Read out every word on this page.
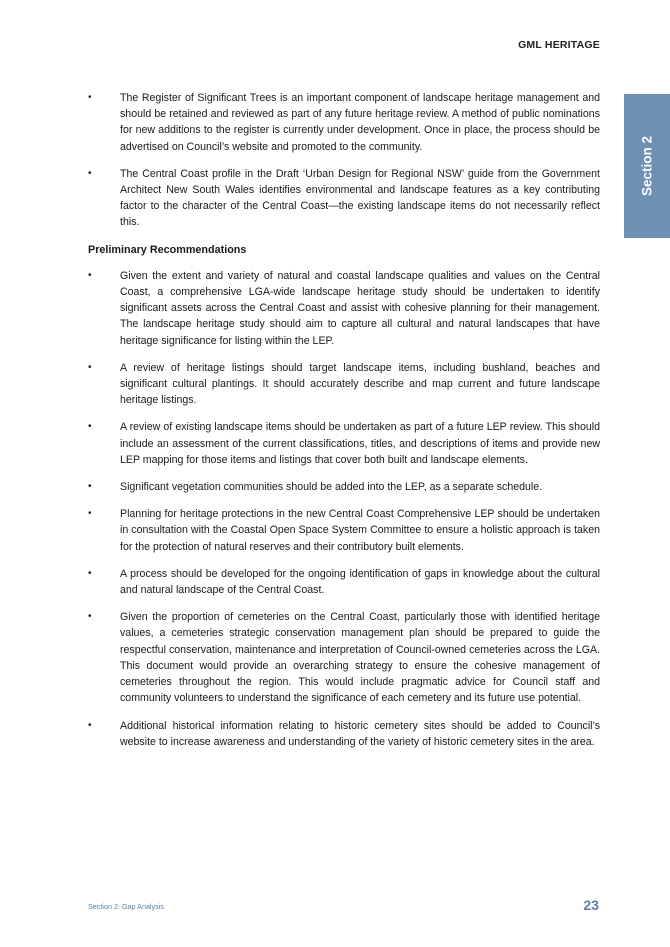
GML HERITAGE
Section 2
•	The Register of Significant Trees is an important component of landscape heritage management and should be retained and reviewed as part of any future heritage review. A method of public nominations for new additions to the register is currently under development. Once in place, the process should be advertised on Council’s website and promoted to the community.
•	The Central Coast profile in the Draft ‘Urban Design for Regional NSW’ guide from the Government Architect New South Wales identifies environmental and landscape features as a key contributing factor to the character of the Central Coast—the existing landscape items do not necessarily reflect this.
Preliminary Recommendations
•	Given the extent and variety of natural and coastal landscape qualities and values on the Central Coast, a comprehensive LGA-wide landscape heritage study should be undertaken to identify significant assets across the Central Coast and assist with cohesive planning for their management. The landscape heritage study should aim to capture all cultural and natural landscapes that have heritage significance for listing within the LEP.
•	A review of heritage listings should target landscape items, including bushland, beaches and significant cultural plantings. It should accurately describe and map current and future landscape heritage listings.
•	A review of existing landscape items should be undertaken as part of a future LEP review. This should include an assessment of the current classifications, titles, and descriptions of items and provide new LEP mapping for those items and listings that cover both built and landscape elements.
•	Significant vegetation communities should be added into the LEP, as a separate schedule.
•	Planning for heritage protections in the new Central Coast Comprehensive LEP should be undertaken in consultation with the Coastal Open Space System Committee to ensure a holistic approach is taken for the protection of natural reserves and their contributory built elements.
•	A process should be developed for the ongoing identification of gaps in knowledge about the cultural and natural landscape of the Central Coast.
•	Given the proportion of cemeteries on the Central Coast, particularly those with identified heritage values, a cemeteries strategic conservation management plan should be prepared to guide the respectful conservation, maintenance and interpretation of Council-owned cemeteries across the LGA. This document would provide an overarching strategy to ensure the cohesive management of cemeteries throughout the region. This would include pragmatic advice for Council staff and community volunteers to understand the significance of each cemetery and its future use potential.
•	Additional historical information relating to historic cemetery sites should be added to Council’s website to increase awareness and understanding of the variety of historic cemetery sites in the area.
Section 2: Gap Analysis	23
